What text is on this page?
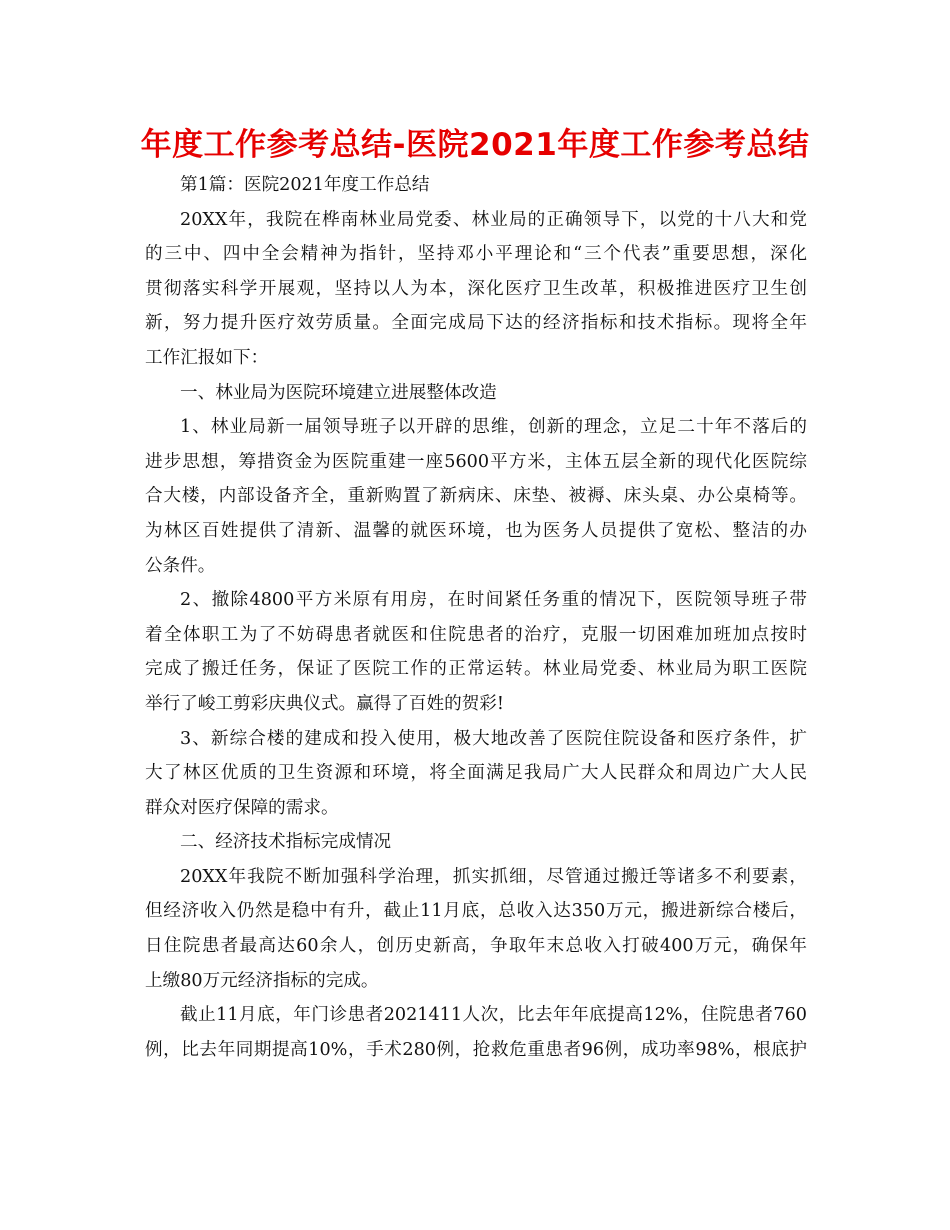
年度工作参考总结-医院2021年度工作参考总结
第1篇：医院2021年度工作总结
20XX年，我院在桦南林业局党委、林业局的正确领导下，以党的十八大和党
的三中、四中全会精神为指针，坚持邓小平理论和“三个代表”重要思想，深化
贯彻落实科学开展观，坚持以人为本，深化医疗卫生改革，积极推进医疗卫生创
新，努力提升医疗效劳质量。全面完成局下达的经济指标和技术指标。现将全年
工作汇报如下：
一、林业局为医院环境建立进展整体改造
1、林业局新一届领导班子以开辟的思维，创新的理念，立足二十年不落后的
进步思想，筹措资金为医院重建一座5600平方米，主体五层全新的现代化医院综
合大楼，内部设备齐全，重新购置了新病床、床垫、被褥、床头桌、办公桌椅等。
为林区百姓提供了清新、温馨的就医环境，也为医务人员提供了宽松、整洁的办
公条件。
2、撤除4800平方米原有用房，在时间紧任务重的情况下，医院领导班子带
着全体职工为了不妨碍患者就医和住院患者的治疗，克服一切困难加班加点按时
完成了搬迁任务，保证了医院工作的正常运转。林业局党委、林业局为职工医院
举行了峻工剪彩庆典仪式。赢得了百姓的贺彩!
3、新综合楼的建成和投入使用，极大地改善了医院住院设备和医疗条件，扩
大了林区优质的卫生资源和环境，将全面满足我局广大人民群众和周边广大人民
群众对医疗保障的需求。
二、经济技术指标完成情况
20XX年我院不断加强科学治理，抓实抓细，尽管通过搬迁等诸多不利要素，
但经济收入仍然是稳中有升，截止11月底，总收入达350万元，搬进新综合楼后，
日住院患者最高达60余人，创历史新高，争取年末总收入打破400万元，确保年
上缴80万元经济指标的完成。
截止11月底，年门诊患者2021411人次，比去年年底提高12%，住院患者760
例，比去年同期提高10%，手术280例，抢救危重患者96例，成功率98%，根底护
